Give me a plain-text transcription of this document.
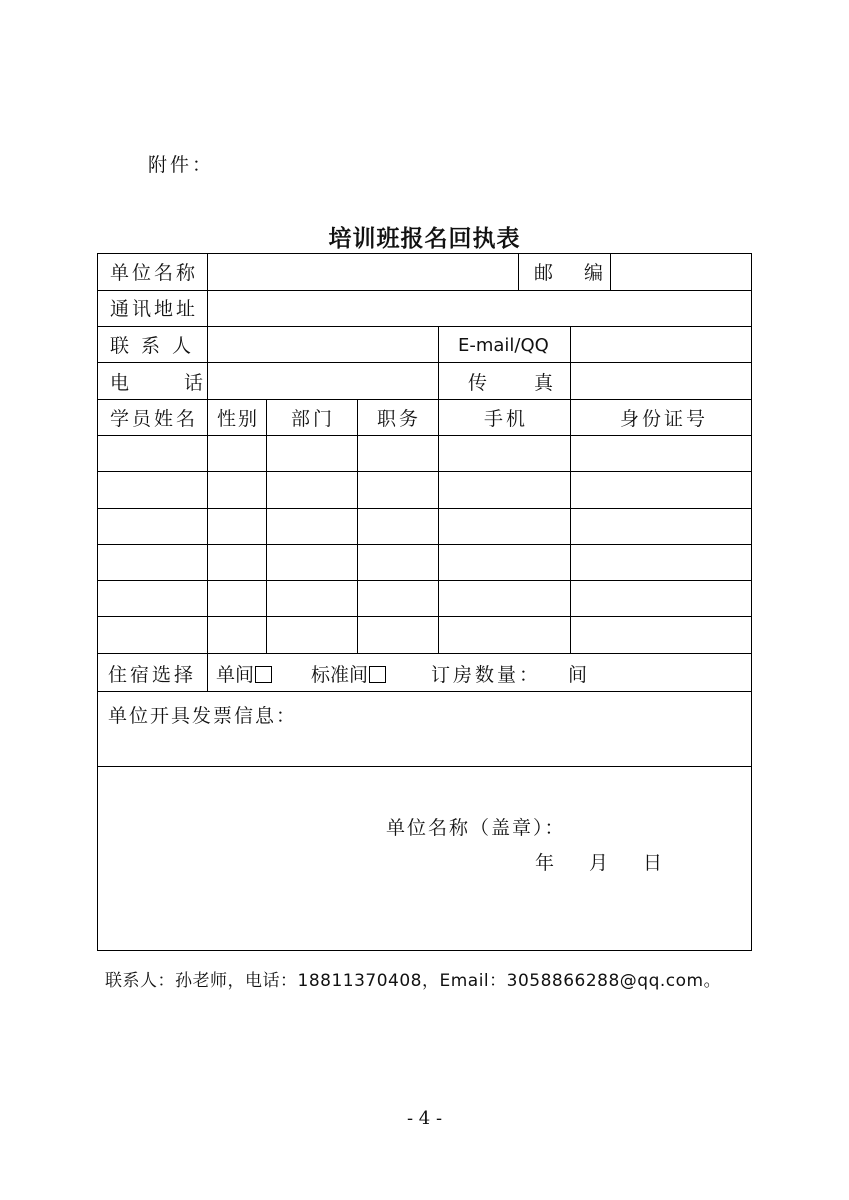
附件：
培训班报名回执表
单位名称	邮　编
通讯地址
联系人	E-mail/QQ
电　话	传　真
学员姓名 性别 部门 职务	手机	身份证号
住宿选择 单间	标准间	订房数量： 间
单位开具发票信息：
单位名称（盖章）：
年 月 日
联系人：孙老师，电话：18811370408，Email：3058866288@qq.com。
- 4 -
